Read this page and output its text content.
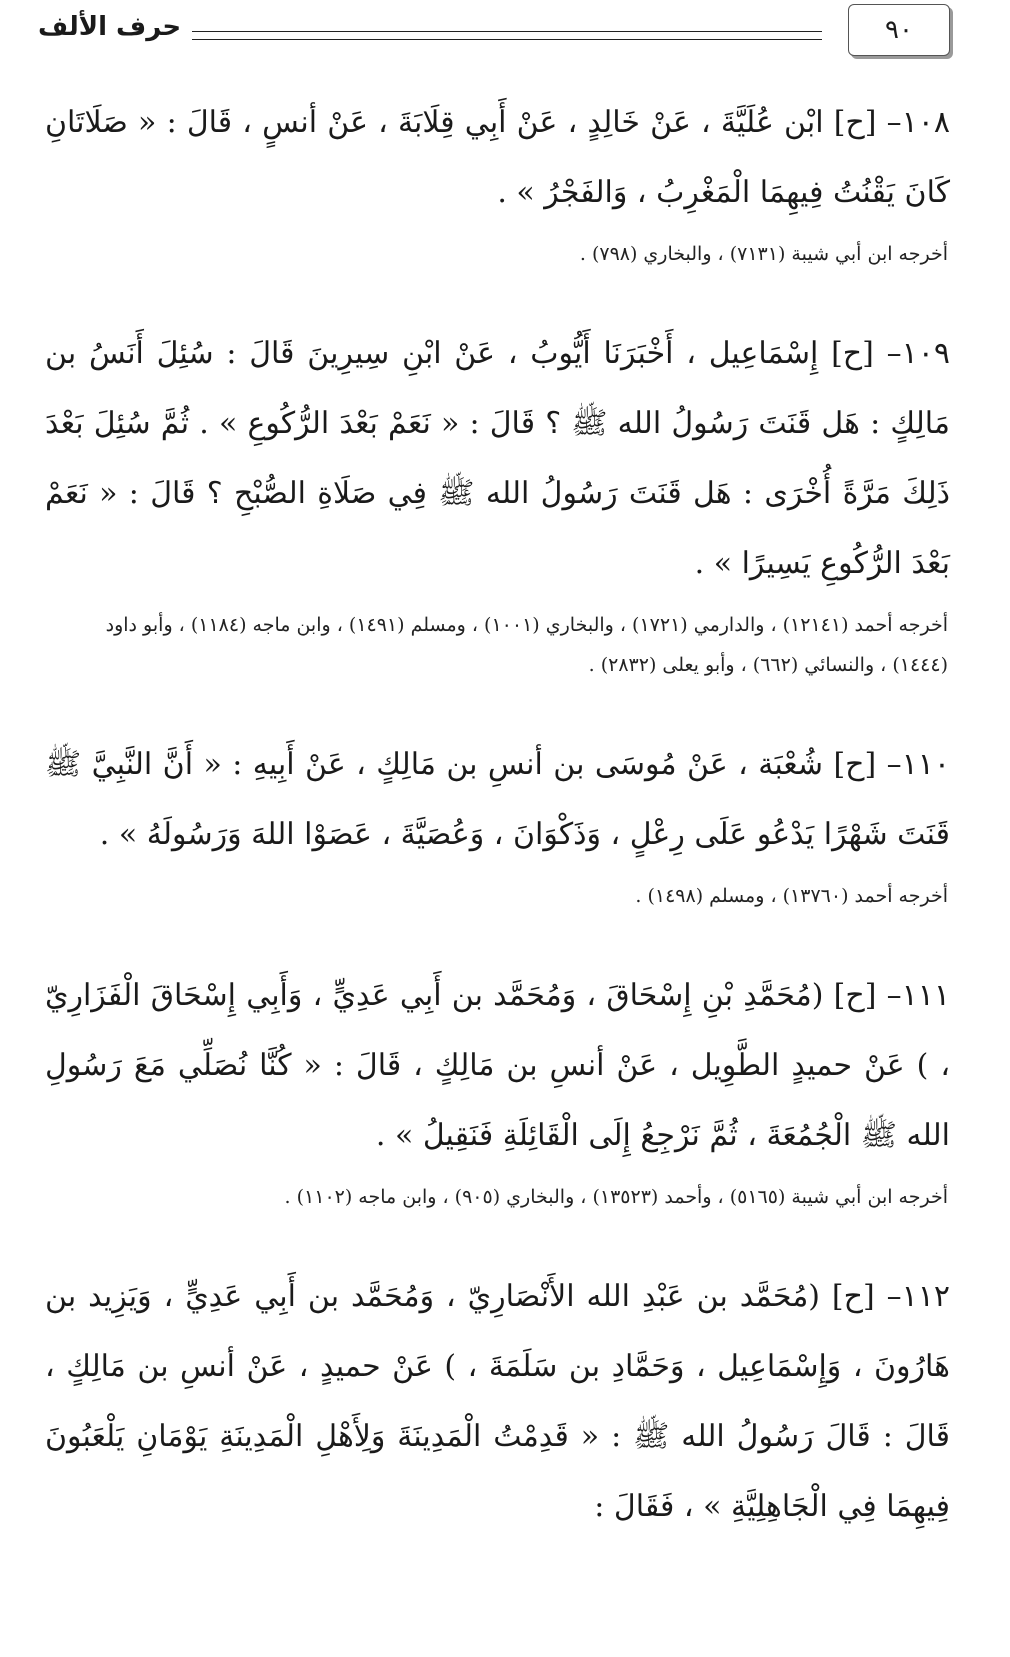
٩٠
حرف الألف

١٠٨– [ح] ابْن عُلَيَّةَ ، عَنْ خَالِدٍ ، عَنْ أَبِي قِلَابَةَ ، عَنْ أنسٍ ، قَالَ : « صَلَاتَانِ كَانَ يَقْنُتُ فِيهِمَا الْمَغْرِبُ ، وَالفَجْرُ » .

أخرجه ابن أبي شيبة (٧١٣١) ، والبخاري (٧٩٨) .

١٠٩– [ح] إِسْمَاعِيل ، أَخْبَرَنَا أَيُّوبُ ، عَنْ ابْنِ سِيرِينَ قَالَ : سُئِلَ أَنَسُ بن مَالِكٍ : هَل قَنَتَ رَسُولُ الله ﷺ ؟ قَالَ : « نَعَمْ بَعْدَ الرُّكُوعِ » . ثُمَّ سُئِلَ بَعْدَ ذَلِكَ مَرَّةً أُخْرَى : هَل قَنَتَ رَسُولُ الله ﷺ فِي صَلَاةِ الصُّبْحِ ؟ قَالَ : « نَعَمْ بَعْدَ الرُّكُوعِ يَسِيرًا » .

أخرجه أحمد (١٢١٤١) ، والدارمي (١٧٢١) ، والبخاري (١٠٠١) ، ومسلم (١٤٩١) ، وابن ماجه (١١٨٤) ، وأبو داود (١٤٤٤) ، والنسائي (٦٦٢) ، وأبو يعلى (٢٨٣٢) .

١١٠– [ح] شُعْبَة ، عَنْ مُوسَى بن أنسِ بن مَالِكٍ ، عَنْ أَبِيهِ : « أَنَّ النَّبِيَّ ﷺ قَنَتَ شَهْرًا يَدْعُو عَلَى رِعْلٍ ، وَذَكْوَانَ ، وَعُصَيَّةَ ، عَصَوْا اللهَ وَرَسُولَهُ » .

أخرجه أحمد (١٣٧٦٠) ، ومسلم (١٤٩٨) .

١١١– [ح] (مُحَمَّدِ بْنِ إِسْحَاقَ ، وَمُحَمَّد بن أَبِي عَدِيٍّ ، وَأَبِي إِسْحَاقَ الْفَزَارِيّ ، ) عَنْ حميدٍ الطَّوِيل ، عَنْ أنسِ بن مَالِكٍ ، قَالَ : « كُنَّا نُصَلِّي مَعَ رَسُولِ الله ﷺ الْجُمُعَةَ ، ثُمَّ نَرْجِعُ إِلَى الْقَائِلَةِ فَنَقِيلُ » .

أخرجه ابن أبي شيبة (٥١٦٥) ، وأحمد (١٣٥٢٣) ، والبخاري (٩٠٥) ، وابن ماجه (١١٠٢) .

١١٢– [ح] (مُحَمَّد بن عَبْدِ الله الأَنْصَارِيّ ، وَمُحَمَّد بن أَبِي عَدِيٍّ ، وَيَزِيد بن هَارُونَ ، وَإِسْمَاعِيل ، وَحَمَّادِ بن سَلَمَةَ ، ) عَنْ حميدٍ ، عَنْ أنسِ بن مَالِكٍ ، قَالَ : قَالَ رَسُولُ الله ﷺ : « قَدِمْتُ الْمَدِينَةَ وَلِأَهْلِ الْمَدِينَةِ يَوْمَانِ يَلْعَبُونَ فِيهِمَا فِي الْجَاهِلِيَّةِ » ، فَقَالَ :
